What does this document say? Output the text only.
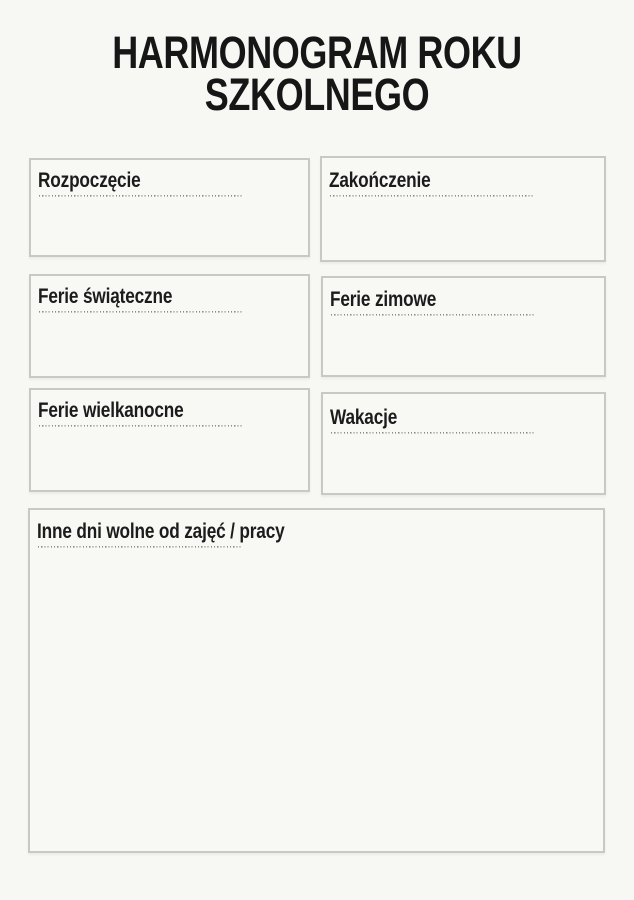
HARMONOGRAM ROKU
SZKOLNEGO
Rozpoczęcie	Zakończenie
Ferie świąteczne	Ferie zimowe
Ferie wielkanocne	Wakacje
Inne dni wolne od zajęć / pracy
